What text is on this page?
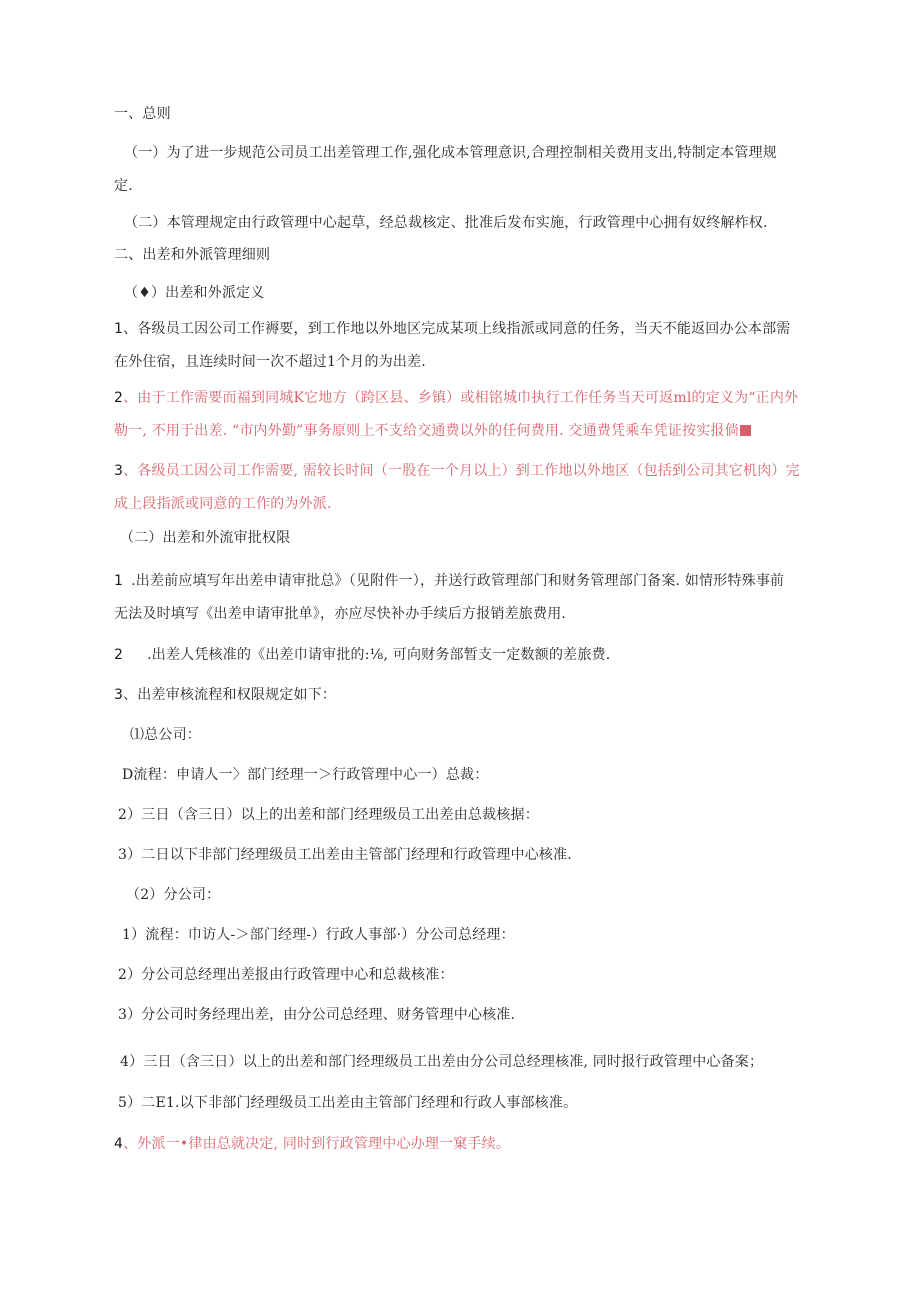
一、总则
（一）为了进一步规范公司员工出差管理工作,强化成本管理意识,合理控制相关费用支出,特制定本管理规
定.
（二）本管理规定由行政管理中心起草，经总裁核定、批准后发布实施，行政管理中心拥有奴终解柞权.
二、出差和外派管理细则
（♦）出差和外派定义
1、各级员工因公司工作褥要，到工作地以外地区完成某项上线指派或同意的任务，当天不能返回办公本部需
在外住宿，且连续时间一次不超过1个月的为出差.
2、由于工作需要而福到同城K它地方（跨区县、乡镇）或相铭城巾执行工作任务当天可返ml的定义为“正内外
勒一, 不用于出差. “市内外勤”事务原则上不支给交通费以外的任何费用. 交通费凭乘车凭证按实报倘
3、各级员工因公司工作需要, 需较长时间（一股在一个月以上）到工作地以外地区（包括到公司其它机肉）完
成上段指派或同意的工作的为外派.
（二）出差和外流审批权限
1 .出差前应填写年出差申请审批总》（见附件一），并送行政管理部门和财务管理部门备案. 如情形特殊事前
无法及时填写《出差申请审批单》，亦应尽快补办手续后方报销差旅费用.
2 .出差人凭核准的《出差巾请审批的:⅛, 可向财务部暂支一定数额的差旅费.
3、出差审核流程和权限规定如下：
⑴总公司：
D流程：申请人一〉部门经理一＞行政管理中心一）总裁：
2）三日（含三日）以上的出差和部门经理级员工出差由总裁核据：
3）二日以下非部门经理级员工出差由主管部门经理和行政管理中心核准.
（2）分公司：
1）流程：巾访人-＞部门经理-）行政人事部·）分公司总经理：
2）分公司总经理出差报由行政管理中心和总裁核准：
3）分公司时务经理出差，由分公司总经理、财务管理中心核准.
4）三日（含三日）以上的出差和部门经理级员工出差由分公司总经理核准, 同时报行政管理中心备案；
5）二E1.以下非部门经理级员工出差由主管部门经理和行政人事部核准。
4、外派一•律由总就决定, 同时到行政管理中心办理一窠手续。
